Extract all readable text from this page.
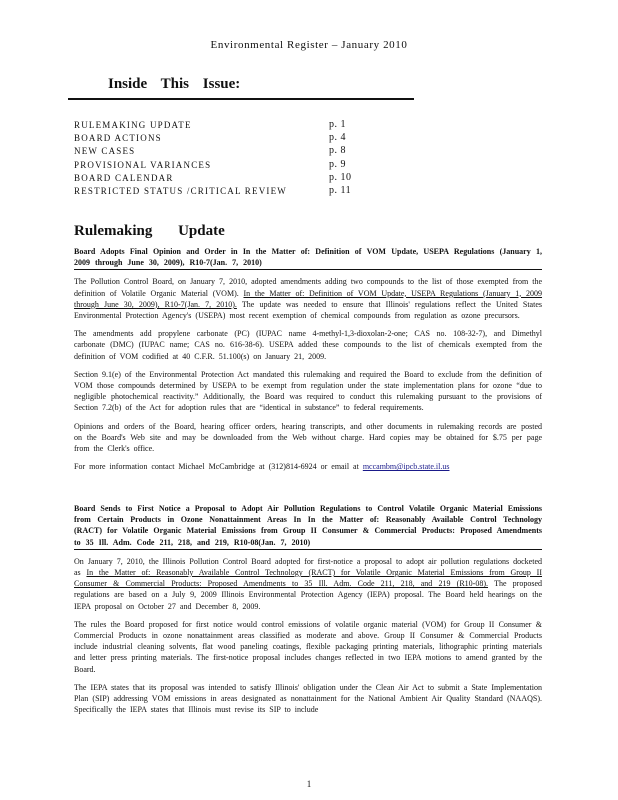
Environmental Register – January 2010
Inside This Issue:
RULEMAKING UPDATE	p. 1
BOARD ACTIONS	p. 4
NEW CASES	p. 8
PROVISIONAL VARIANCES	p. 9
BOARD CALENDAR	p. 10
RESTRICTED STATUS /CRITICAL REVIEW	p. 11
Rulemaking Update

Board Adopts Final Opinion and Order in In the Matter of: Definition of VOM Update, USEPA Regulations (January 1, 2009 through June 30, 2009), R10-7(Jan. 7, 2010)

The Pollution Control Board, on January 7, 2010, adopted amendments adding two compounds to the list of those exempted from the definition of Volatile Organic Material (VOM). In the Matter of: Definition of VOM Update, USEPA Regulations (January 1, 2009 through June 30, 2009), R10-7(Jan. 7, 2010). The update was needed to ensure that Illinois' regulations reflect the United States Environmental Protection Agency's (USEPA) most recent exemption of chemical compounds from regulation as ozone precursors.

The amendments add propylene carbonate (PC) (IUPAC name 4-methyl-1,3-dioxolan-2-one; CAS no. 108-32-7), and Dimethyl carbonate (DMC) (IUPAC name; CAS no. 616-38-6). USEPA added these compounds to the list of chemicals exempted from the definition of VOM codified at 40 C.F.R. 51.100(s) on January 21, 2009.

Section 9.1(e) of the Environmental Protection Act mandated this rulemaking and required the Board to exclude from the definition of VOM those compounds determined by USEPA to be exempt from regulation under the state implementation plans for ozone “due to negligible photochemical reactivity.” Additionally, the Board was required to conduct this rulemaking pursuant to the provisions of Section 7.2(b) of the Act for adoption rules that are “identical in substance” to federal requirements.

Opinions and orders of the Board, hearing officer orders, hearing transcripts, and other documents in rulemaking records are posted on the Board's Web site and may be downloaded from the Web without charge. Hard copies may be obtained for $.75 per page from the Clerk's office.

For more information contact Michael McCambridge at (312)814-6924 or email at mccambm@ipcb.state.il.us

Board Sends to First Notice a Proposal to Adopt Air Pollution Regulations to Control Volatile Organic Material Emissions from Certain Products in Ozone Nonattainment Areas In In the Matter of: Reasonably Available Control Technology (RACT) for Volatile Organic Material Emissions from Group II Consumer & Commercial Products: Proposed Amendments to 35 Ill. Adm. Code 211, 218, and 219, R10-08(Jan. 7, 2010)

On January 7, 2010, the Illinois Pollution Control Board adopted for first-notice a proposal to adopt air pollution regulations docketed as In the Matter of: Reasonably Available Control Technology (RACT) for Volatile Organic Material Emissions from Group II Consumer & Commercial Products: Proposed Amendments to 35 Ill. Adm. Code 211, 218, and 219 (R10-08). The proposed regulations are based on a July 9, 2009 Illinois Environmental Protection Agency (IEPA) proposal. The Board held hearings on the IEPA proposal on October 27 and December 8, 2009.

The rules the Board proposed for first notice would control emissions of volatile organic material (VOM) for Group II Consumer & Commercial Products in ozone nonattainment areas classified as moderate and above. Group II Consumer & Commercial Products include industrial cleaning solvents, flat wood paneling coatings, flexible packaging printing materials, lithographic printing materials and letter press printing materials. The first-notice proposal includes changes reflected in two IEPA motions to amend granted by the Board.

The IEPA states that its proposal was intended to satisfy Illinois' obligation under the Clean Air Act to submit a State Implementation Plan (SIP) addressing VOM emissions in areas designated as nonattainment for the National Ambient Air Quality Standard (NAAQS). Specifically the IEPA states that Illinois must revise its SIP to include

1
